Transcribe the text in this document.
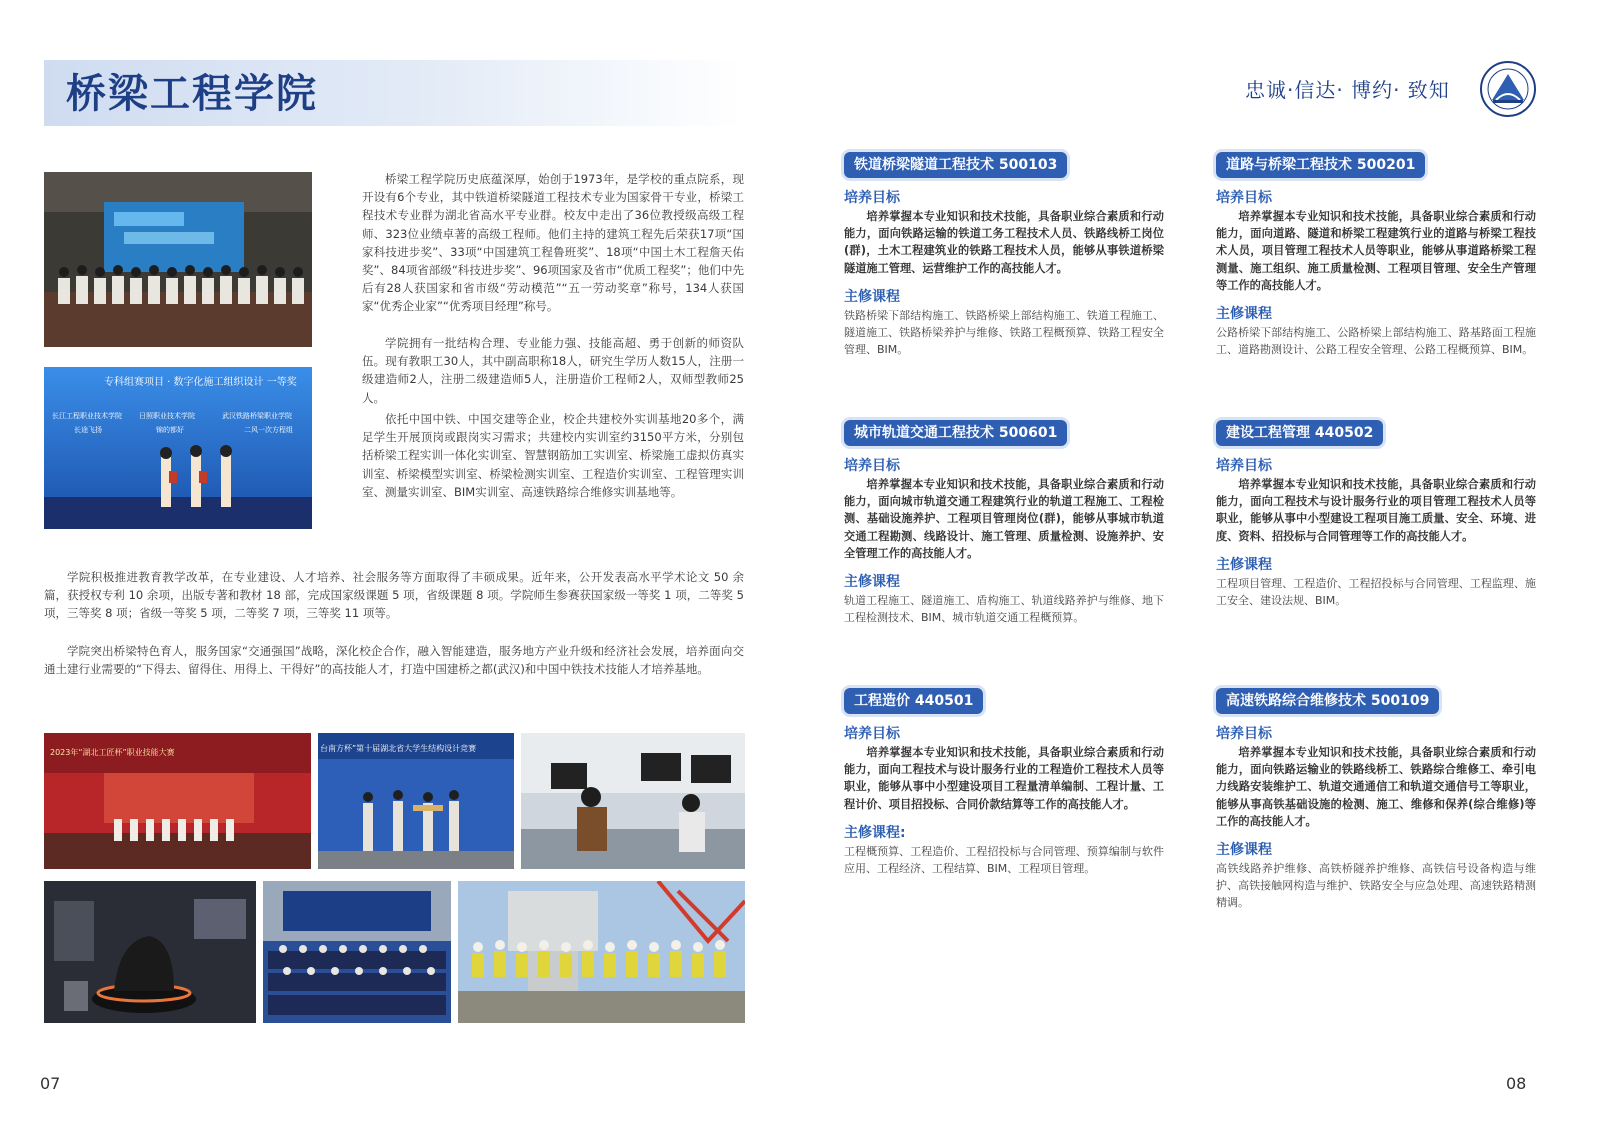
桥梁工程学院	忠诚·信达· 博约· 致知
专科组赛项目 · 数字化施工组织设计 一等奖
长江工程职业技术学院 日照职业技术学院	武汉铁路桥梁职业学院
长途飞扬	锦的都好	二风一次方程组
桥梁工程学院历史底蕴深厚，始创于1973年，是学校的重点院系，现开设有6个专业，其中铁道桥梁隧道工程技术专业为国家骨干专业，桥梁工程技术专业群为湖北省高水平专业群。校友中走出了36位教授级高级工程师、323位业绩卓著的高级工程师。他们主持的建筑工程先后荣获17项“国家科技进步奖”、33项“中国建筑工程鲁班奖”、18项“中国土木工程詹天佑奖”、84项省部级“科技进步奖”、96项国家及省市“优质工程奖”；他们中先后有28人获国家和省市级“劳动模范”“五一劳动奖章”称号，134人获国家“优秀企业家”“优秀项目经理”称号。
学院拥有一批结构合理、专业能力强、技能高超、勇于创新的师资队伍。现有教职工30人，其中副高职称18人，研究生学历人数15人，注册一级建造师2人，注册二级建造师5人，注册造价工程师2人，双师型教师25人。
依托中国中铁、中国交建等企业，校企共建校外实训基地20多个，满足学生开展顶岗或跟岗实习需求；共建校内实训室约3150平方米，分别包括桥梁工程实训一体化实训室、智慧钢筋加工实训室、桥梁施工虚拟仿真实训室、桥梁模型实训室、桥梁检测实训室、工程造价实训室、工程管理实训室、测量实训室、BIM实训室、高速铁路综合维修实训基地等。
学院积极推进教育教学改革，在专业建设、人才培养、社会服务等方面取得了丰硕成果。近年来，公开发表高水平学术论文 50 余篇，获授权专利 10 余项，出版专著和教材 18 部，完成国家级课题 5 项，省级课题 8 项。学院师生参赛获国家级一等奖 1 项，二等奖 5 项，三等奖 8 项；省级一等奖 5 项，二等奖 7 项，三等奖 11 项等。
学院突出桥梁特色育人，服务国家“交通强国”战略，深化校企合作，融入智能建造，服务地方产业升级和经济社会发展，培养面向交通土建行业需要的“下得去、留得住、用得上、干得好”的高技能人才，打造中国建桥之都(武汉)和中国中铁技术技能人才培养基地。
2023年“湖北工匠杯”职业技能大赛	台南方杯”第十届湖北省大学生结构设计竞赛
铁道桥梁隧道工程技术 500103
培养目标
培养掌握本专业知识和技术技能，具备职业综合素质和行动能力，面向铁路运输的铁道工务工程技术人员、铁路线桥工岗位(群)，土木工程建筑业的铁路工程技术人员，能够从事铁道桥梁隧道施工管理、运营维护工作的高技能人才。
主修课程
铁路桥梁下部结构施工、铁路桥梁上部结构施工、铁道工程施工、隧道施工、铁路桥梁养护与维修、铁路工程概预算、铁路工程安全管理、BIM。
道路与桥梁工程技术 500201
培养目标
培养掌握本专业知识和技术技能，具备职业综合素质和行动能力，面向道路、隧道和桥梁工程建筑行业的道路与桥梁工程技术人员，项目管理工程技术人员等职业，能够从事道路桥梁工程测量、施工组织、施工质量检测、工程项目管理、安全生产管理等工作的高技能人才。
主修课程
公路桥梁下部结构施工、公路桥梁上部结构施工、路基路面工程施工、道路勘测设计、公路工程安全管理、公路工程概预算、BIM。
城市轨道交通工程技术 500601
培养目标
培养掌握本专业知识和技术技能，具备职业综合素质和行动能力，面向城市轨道交通工程建筑行业的轨道工程施工、工程检测、基础设施养护、工程项目管理岗位(群)，能够从事城市轨道交通工程勘测、线路设计、施工管理、质量检测、设施养护、安全管理工作的高技能人才。
主修课程
轨道工程施工、隧道施工、盾构施工、轨道线路养护与维修、地下工程检测技术、BIM、城市轨道交通工程概预算。
建设工程管理 440502
培养目标
培养掌握本专业知识和技术技能，具备职业综合素质和行动能力，面向工程技术与设计服务行业的项目管理工程技术人员等职业，能够从事中小型建设工程项目施工质量、安全、环境、进度、资料、招投标与合同管理等工作的高技能人才。
主修课程
工程项目管理、工程造价、工程招投标与合同管理、工程监理、施工安全、建设法规、BIM。
工程造价 440501
培养目标
培养掌握本专业知识和技术技能，具备职业综合素质和行动能力，面向工程技术与设计服务行业的工程造价工程技术人员等职业，能够从事中小型建设项目工程量清单编制、工程计量、工程计价、项目招投标、合同价款结算等工作的高技能人才。
主修课程:
工程概预算、工程造价、工程招投标与合同管理、预算编制与软件应用、工程经济、工程结算、BIM、工程项目管理。
高速铁路综合维修技术 500109
培养目标
培养掌握本专业知识和技术技能，具备职业综合素质和行动能力，面向铁路运输业的铁路线桥工、铁路综合维修工、牵引电力线路安装维护工、轨道交通通信工和轨道交通信号工等职业，能够从事高铁基础设施的检测、施工、维修和保养(综合维修)等工作的高技能人才。
主修课程
高铁线路养护维修、高铁桥隧养护维修、高铁信号设备构造与维护、高铁接触网构造与维护、铁路安全与应急处理、高速铁路精测精调。
07	08
